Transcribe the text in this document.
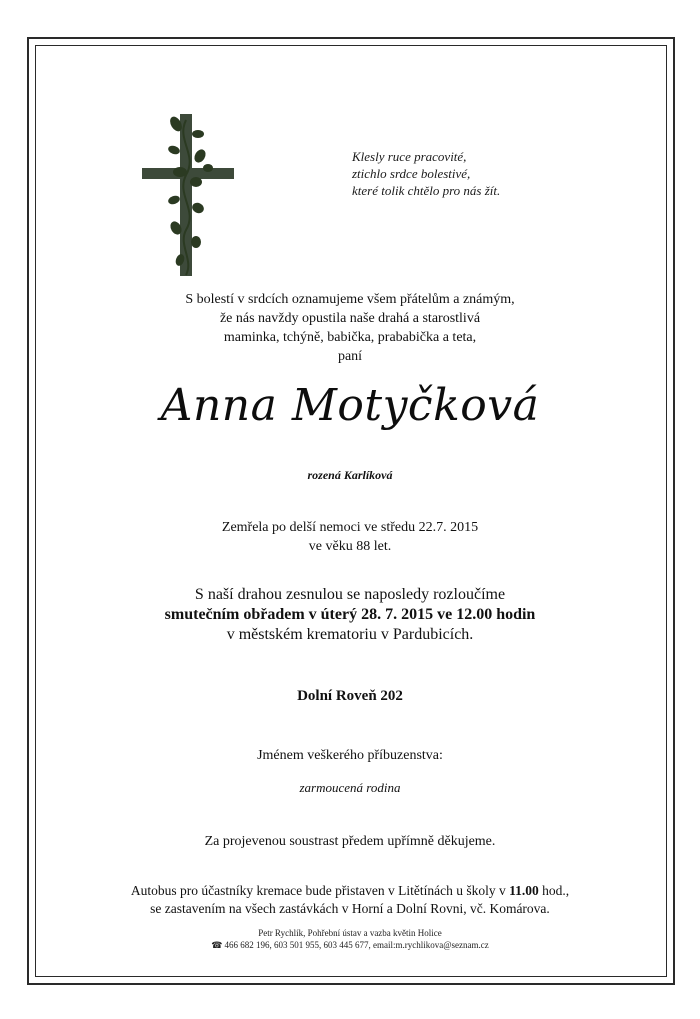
Klesly ruce pracovité,
ztichlo srdce bolestivé,
které tolik chtělo pro nás žít.
S bolestí v srdcích oznamujeme všem přátelům a známým,
že nás navždy opustila naše drahá a starostlivá
maminka, tchýně, babička, prababička a teta,
paní
Anna Motyčková
rozená Karlíková
Zemřela po delší nemoci ve středu 22.7. 2015
ve věku 88 let.
S naší drahou zesnulou se naposledy rozloučíme
smutečním obřadem v úterý 28. 7. 2015 ve 12.00 hodin
v městském krematoriu v Pardubicích.
Dolní Roveň 202
Jménem veškerého příbuzenstva:
zarmoucená rodina
Za projevenou soustrast předem upřímně děkujeme.
Autobus pro účastníky kremace bude přistaven v Litětínách u školy v 11.00 hod.,
se zastavením na všech zastávkách v Horní a Dolní Rovni, vč. Komárova.
Petr Rychlík, Pohřební ústav a vazba květin Holice
☎ 466 682 196, 603 501 955, 603 445 677, email:m.rychlikova@seznam.cz
